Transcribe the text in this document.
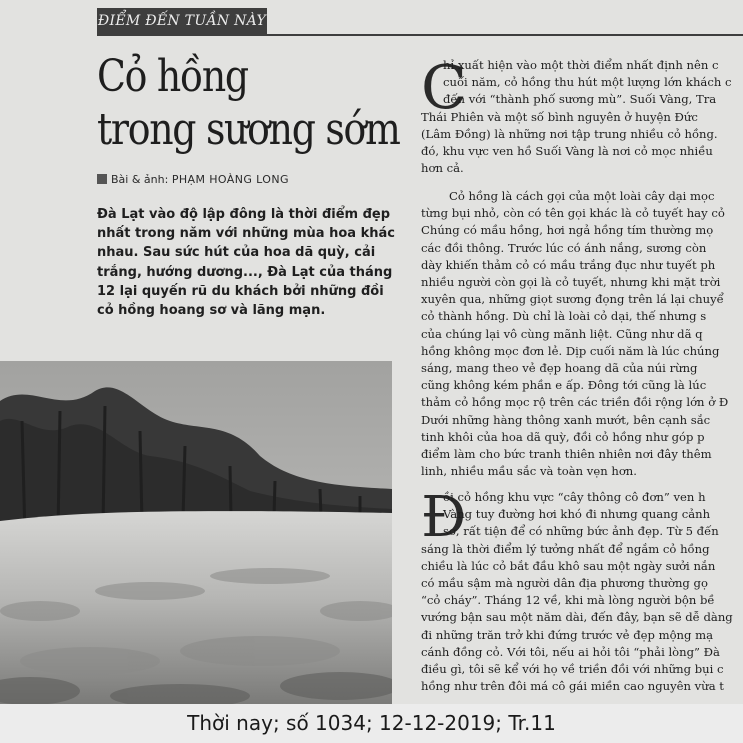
ĐIỂM ĐẾN TUẦN NÀY
Cỏ hồng
trong sương sớm
Bài & ảnh: PHẠM HOÀNG LONG
Đà Lạt vào độ lập đông là thời điểm đẹp
nhất trong năm với những mùa hoa khác
nhau. Sau sức hút của hoa dã quỳ, cải
trắng, hướng dương..., Đà Lạt của tháng
12 lại quyến rũ du khách bởi những đồi
cỏ hồng hoang sơ và lãng mạn.
C
hỉ xuất hiện vào một thời điểm nhất định nên c
cuối năm, cỏ hồng thu hút một lượng lớn khách c
đến với “thành phố sương mù”. Suối Vàng, Tra
Thái Phiên và một số bình nguyên ở huyện Đức
(Lâm Đồng) là những nơi tập trung nhiều cỏ hồng.
đó, khu vực ven hồ Suối Vàng là nơi cỏ mọc nhiều
hơn cả.
Cỏ hồng là cách gọi của một loài cây dại mọc
từng bụi nhỏ, còn có tên gọi khác là cỏ tuyết hay cỏ
Chúng có mầu hồng, hơi ngả hồng tím thường mọ
các đồi thông. Trước lúc có ánh nắng, sương còn
dày khiến thảm cỏ có mầu trắng đục như tuyết ph
nhiều người còn gọi là cỏ tuyết, nhưng khi mặt trời
xuyên qua, những giọt sương đọng trên lá lại chuyể
cỏ thành hồng. Dù chỉ là loài cỏ dại, thế nhưng s
của chúng lại vô cùng mãnh liệt. Cũng như dã q
hồng không mọc đơn lẻ. Dịp cuối năm là lúc chúng
sáng, mang theo vẻ đẹp hoang dã của núi rừng
cũng không kém phần e ấp. Đông tới cũng là lúc
thảm cỏ hồng mọc rộ trên các triền đồi rộng lớn ở Đ
Dưới những hàng thông xanh mướt, bên cạnh sắc
tinh khôi của hoa dã quỳ, đồi cỏ hồng như góp p
điểm làm cho bức tranh thiên nhiên nơi đây thêm
linh, nhiều mầu sắc và toàn vẹn hơn.
Đ
ồi cỏ hồng khu vực “cây thông cô đơn” ven h
Vàng tuy đường hơi khó đi nhưng quang cảnh
sơ, rất tiện để có những bức ảnh đẹp. Từ 5 đến
sáng là thời điểm lý tưởng nhất để ngắm cỏ hồng
chiều là lúc cỏ bắt đầu khô sau một ngày sưởi nắn
có mầu sậm mà người dân địa phương thường gọ
“cỏ cháy”. Tháng 12 về, khi mà lòng người bộn bề
vướng bận sau một năm dài, đến đây, bạn sẽ dễ dàng
đi những trăn trở khi đứng trước vẻ đẹp mộng mạ
cánh đồng cỏ. Với tôi, nếu ai hỏi tôi “phải lòng” Đà
điều gì, tôi sẽ kể với họ về triền đồi với những bụi c
hồng như trên đôi má cô gái miền cao nguyên vừa t
Thời nay; số 1034; 12-12-2019; Tr.11
